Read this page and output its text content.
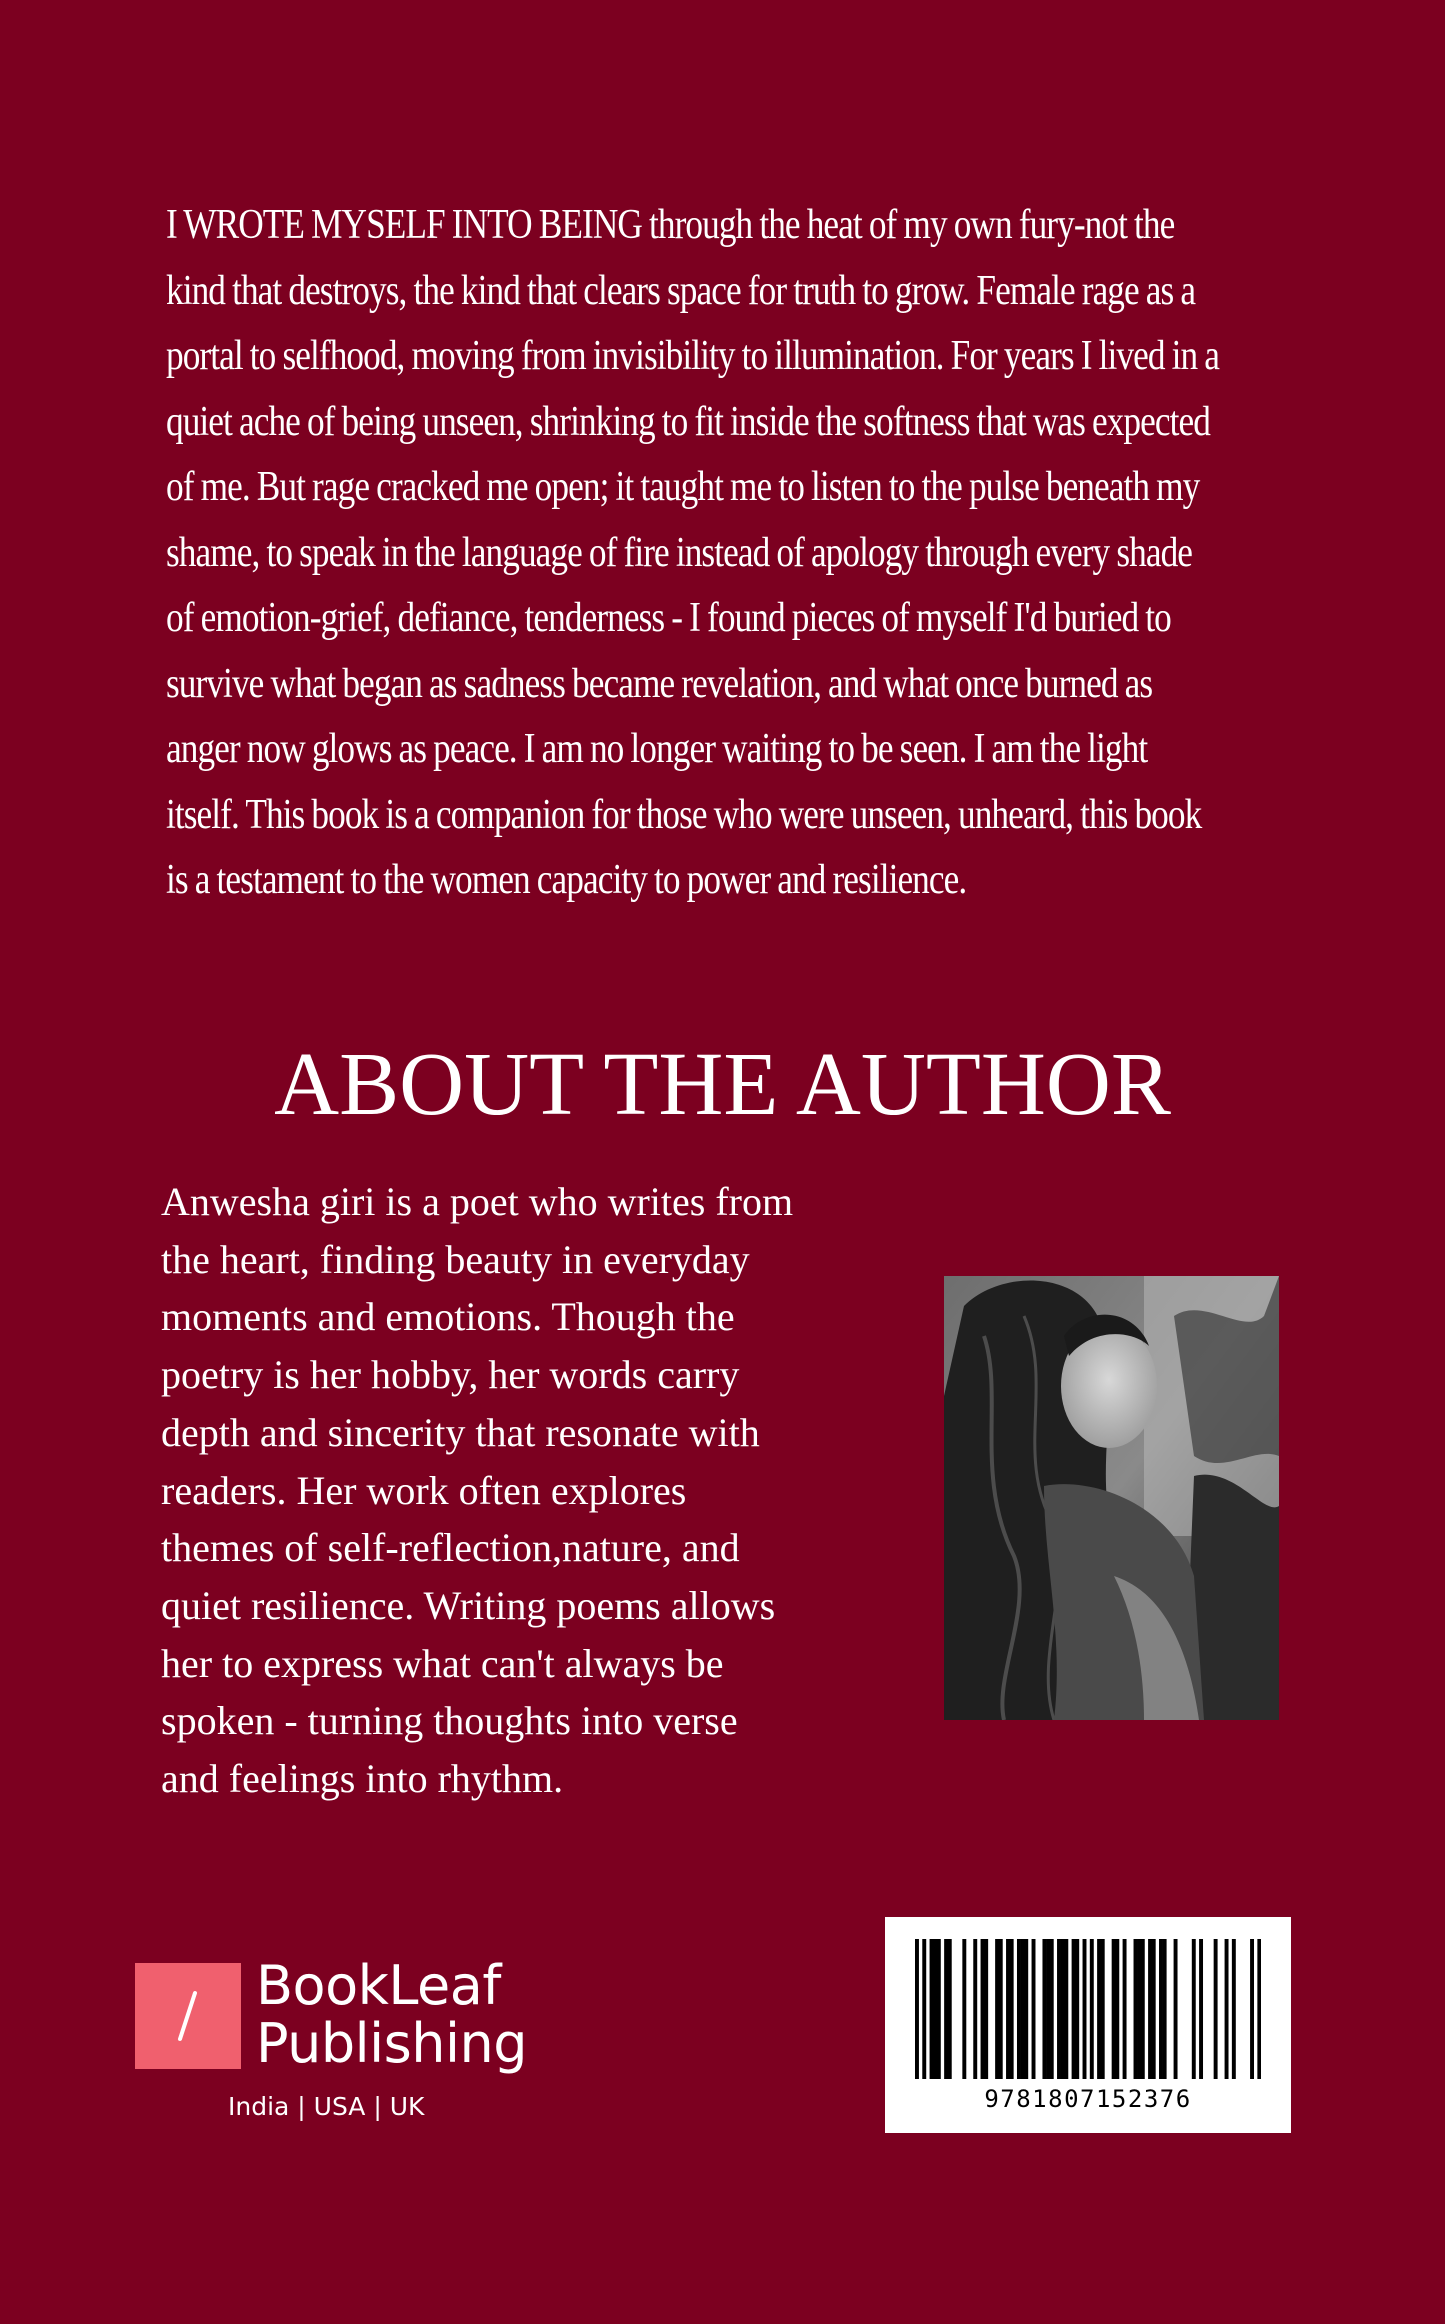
I WROTE MYSELF INTO BEING through the heat of my own fury-not the kind that destroys, the kind that clears space for truth to grow. Female rage as a portal to selfhood, moving from invisibility to illumination. For years I lived in a quiet ache of being unseen, shrinking to fit inside the softness that was expected of me. But rage cracked me open; it taught me to listen to the pulse beneath my shame, to speak in the language of fire instead of apology through every shade of emotion-grief, defiance, tenderness - I found pieces of myself I'd buried to survive what began as sadness became revelation, and what once burned as anger now glows as peace. I am no longer waiting to be seen. I am the light itself. This book is a companion for those who were unseen, unheard, this book is a testament to the women capacity to power and resilience.

ABOUT THE AUTHOR

Anwesha giri is a poet who writes from the heart, finding beauty in everyday moments and emotions. Though the poetry is her hobby, her words carry depth and sincerity that resonate with readers. Her work often explores themes of self-reflection,nature, and quiet resilience. Writing poems allows her to express what can't always be spoken - turning thoughts into verse and feelings into rhythm.

BookLeaf
Publishing
India | USA | UK	9781807152376
